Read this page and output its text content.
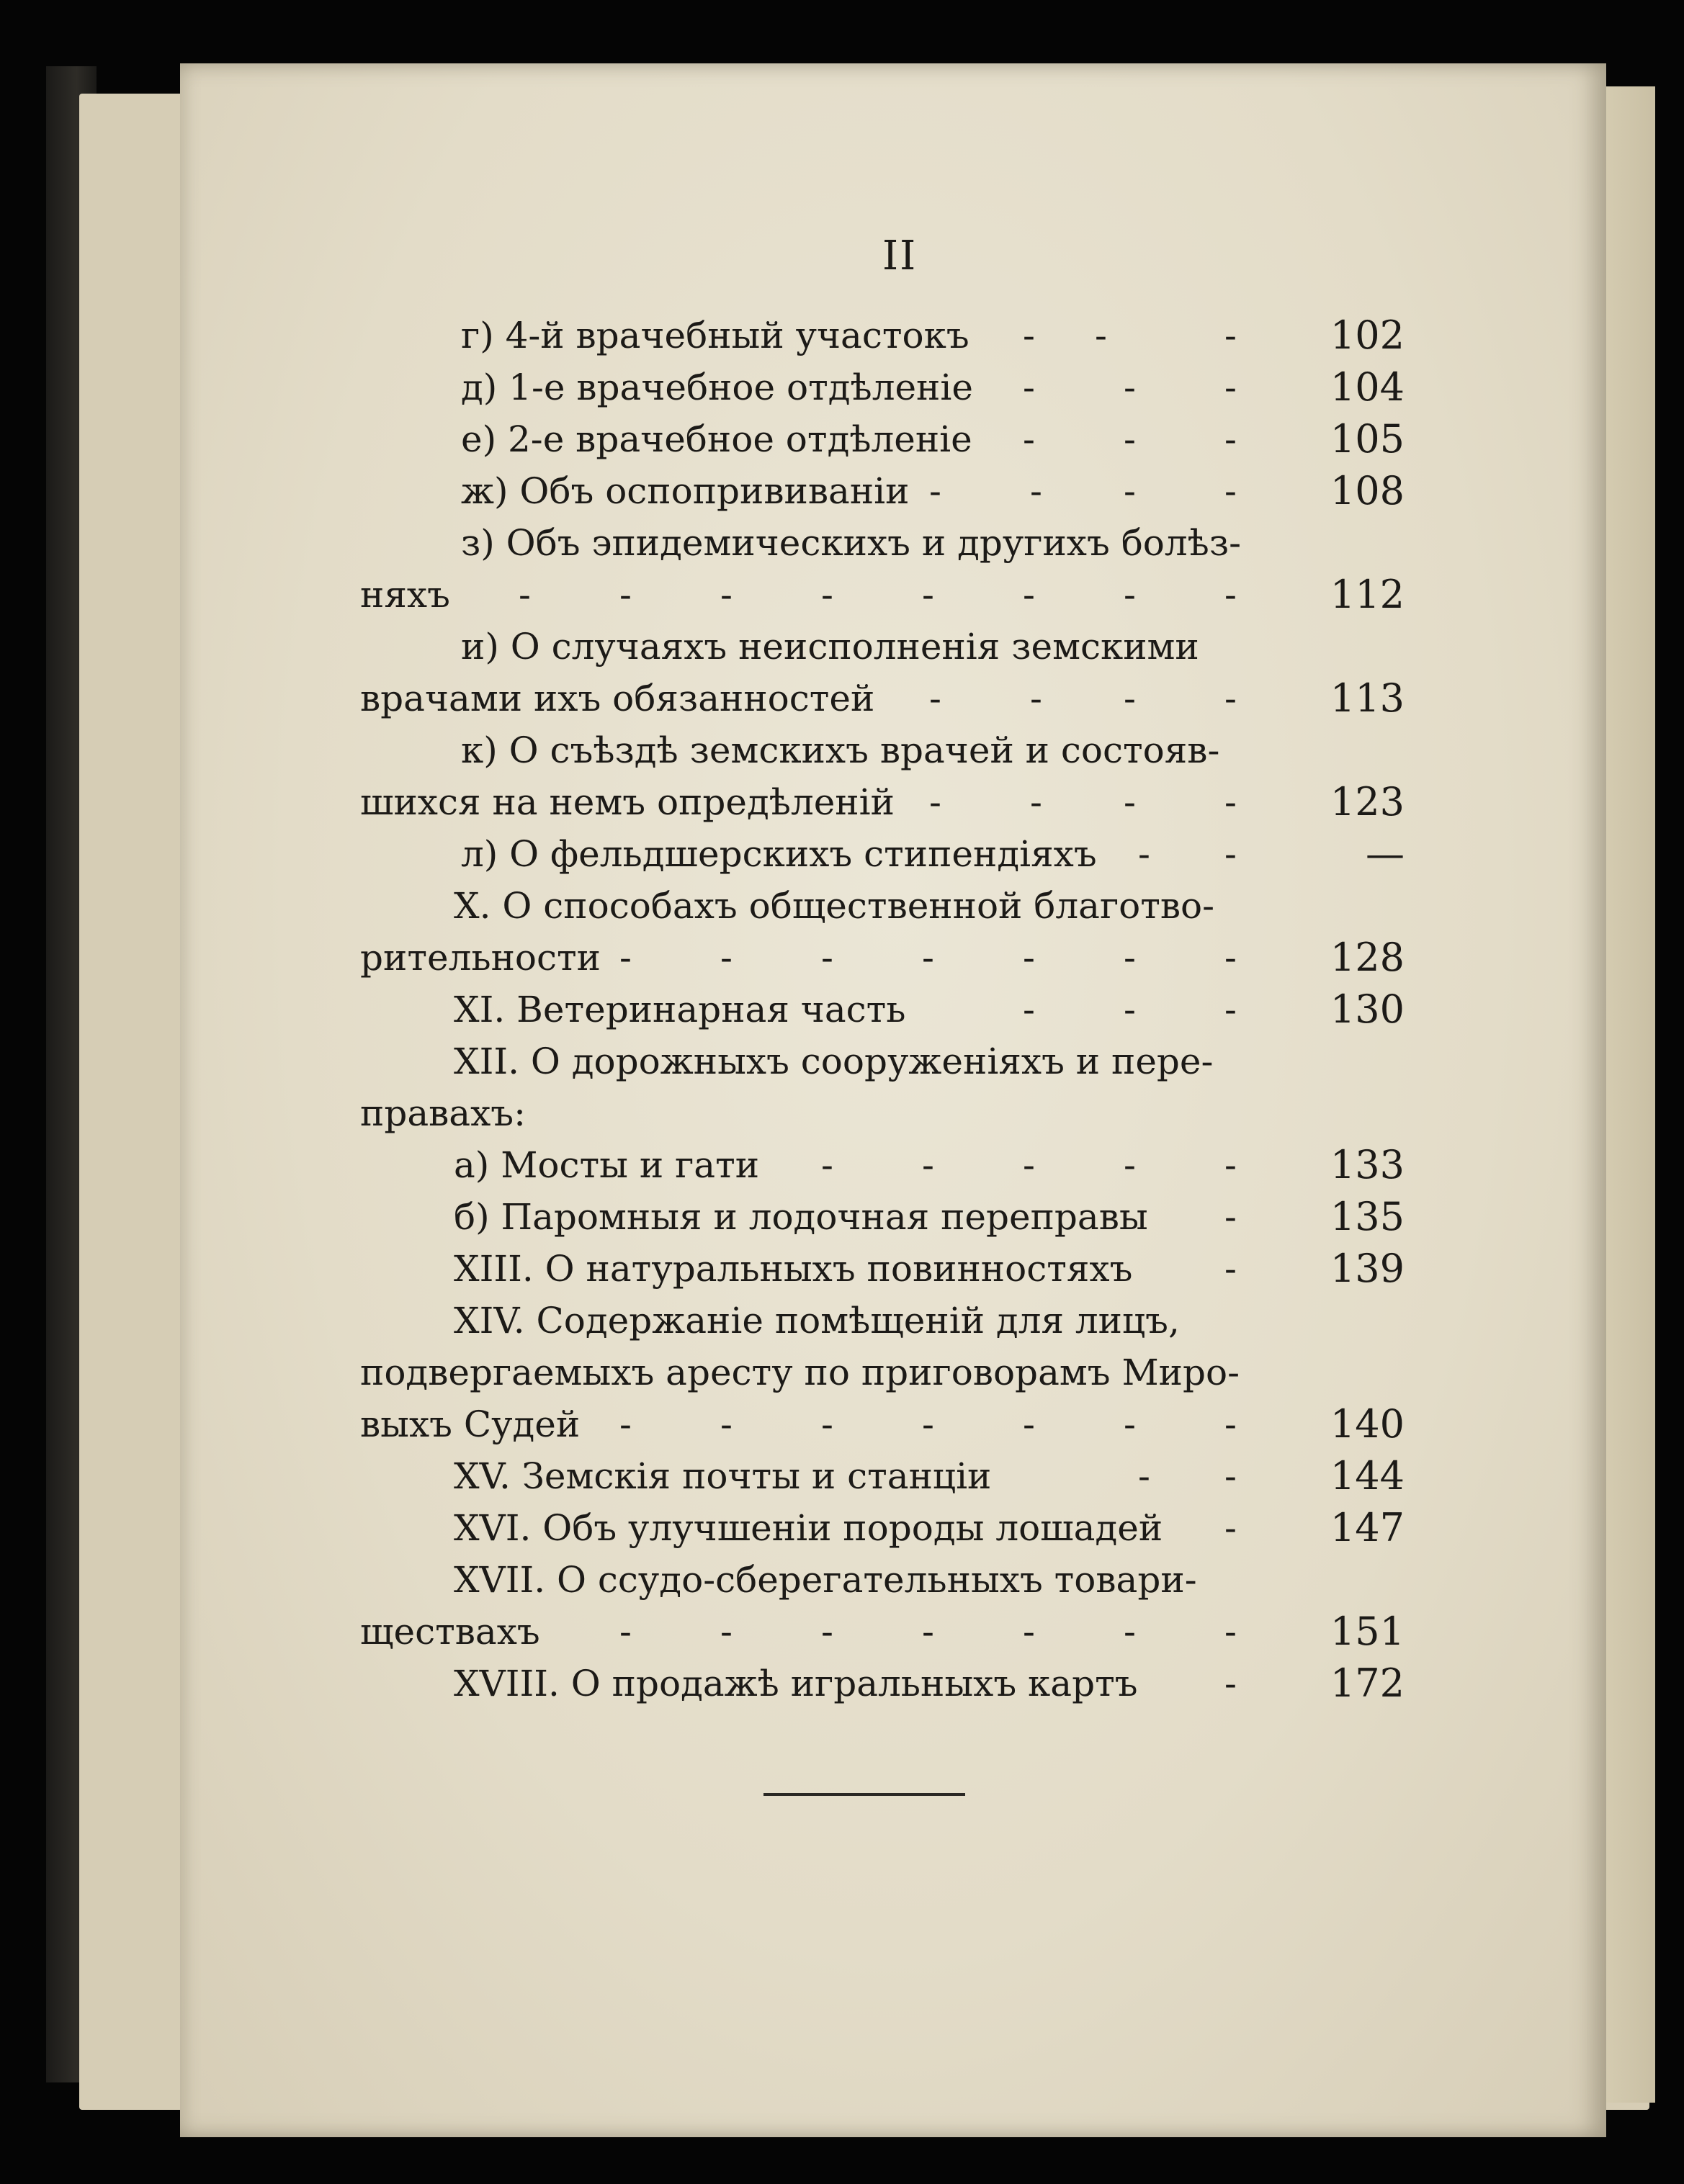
II
г) 4-й врачебный участокъ - -	- 102
д) 1-е врачебное отдѣленіе - - - 104
е) 2-е врачебное отдѣленіе - - - 105
ж) Объ оспопрививаніи - - - - 108
з) Объ эпидемическихъ и другихъ болѣз-
няхъ - - - - - - - - 112
и) О случаяхъ неисполненія земскими
врачами ихъ обязанностей - - - - 113
к) О съѣздѣ земскихъ врачей и состояв-
шихся на немъ опредѣленій - - - - 123
л) О фельдшерскихъ стипендіяхъ - -	—
X. О способахъ общественной благотво-
рительности - - - - - - - 128
XI. Ветеринарная часть	- - - 130
XII. О дорожныхъ сооруженіяхъ и пере-
правахъ:
а) Мосты и гати - - - - - 133
б) Паромныя и лодочная переправы - 135
XIII. О натуральныхъ повинностяхъ	- 139
XIV. Содержаніе помѣщеній для лицъ,
подвергаемыхъ аресту по приговорамъ Миро-
выхъ Судей - - - - - - - 140
XV. Земскія почты и станціи	- - 144
XVI. Объ улучшеніи породы лошадей - 147
XVII. О ссудо-сберегательныхъ товари-
ществахъ - - - - - - - 151
XVIII. О продажѣ игральныхъ картъ - 172
